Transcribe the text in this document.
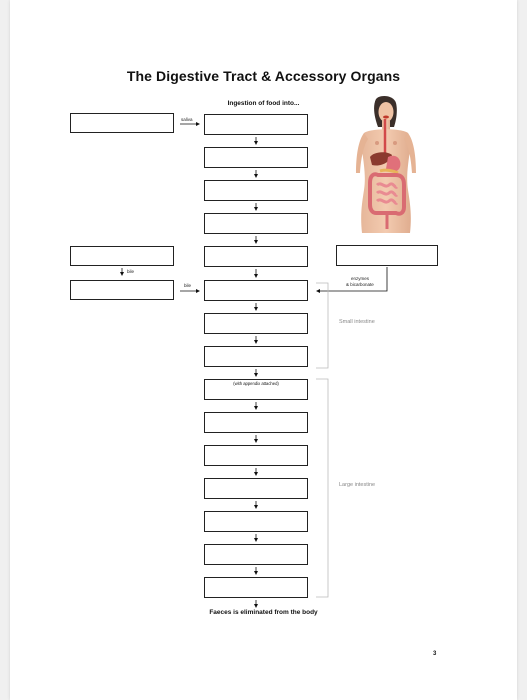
The Digestive Tract & Accessory Organs
Ingestion of food into...
(with appendix attached)
saliva
bile
bile
enzymes
& bicarbonate
Small intestine
Large intestine
Faeces is eliminated from the body
3
